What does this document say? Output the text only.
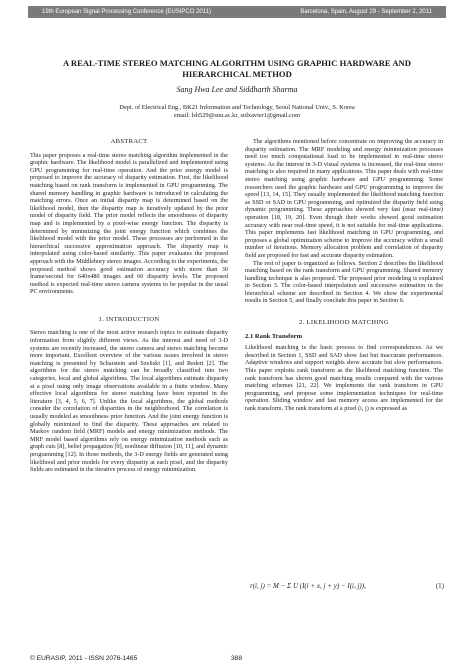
19th European Signal Processing Conference (EUSIPCO 2011)	Barcelona, Spain, August 29 - September 2, 2011
A REAL-TIME STEREO MATCHING ALGORITHM USING GRAPHIC HARDWARE AND HIERARCHICAL METHOD
Sang Hwa Lee and Siddharth Sharma
Dept. of Electrical Eng., BK21 Information and Technology, Seoul National Univ., S. Korea
email: lsh529@snu.ac.kr, sidxavier1@gmail.com
ABSTRACT

This paper proposes a real-time stereo matching algorithm implemented in the graphic hardware. The likelihood model is parallelized and implemented using GPU programming for real-time operation. And the prior energy model is proposed to improve the accuracy of disparity estimation. First, the likelihood matching based on rank transform is implemented in GPU programming. The shared memory handling in graphic hardware is introduced in calculating the matching errors. Once an initial disparity map is determined based on the likelihood model, then the disparity map is iteratively updated by the prior model of disparity field. The prior model reflects the smoothness of disparity map and is implemented by a pixel-wise energy function. The disparity is determined by minimizing the joint energy function which combines the likelihood model with the prior model. These processes are performed in the hierarchical successive approximation approach. The disparity map is interpolated using color-based similarity. This paper evaluates the proposed approach with the Middlebury stereo images. According to the experiments, the proposed method shows good estimation accuracy with more than 30 frame/second for 640x480 images and 60 disparity levels. The proposed method is expected real-time stereo camera systems to be popular in the usual PC environments.

1. INTRODUCTION

Stereo matching is one of the most active research topics to estimate disparity information from slightly different views. As the interest and need of 3-D systems are recently increased, the stereo camera and stereo matching become more important. Excellent overview of the various issues involved in stereo matching is presented by Scharstein and Szeliski [1], and Redert [2]. The algorithms for the stereo matching can be broadly classified into two categories, local and global algorithms. The local algorithms estimate disparity at a pixel using only image observations available in a finite window. Many effective local algorithms for stereo matching have been reported in the literature [3, 4, 5, 6, 7]. Unlike the local algorithms, the global methods consider the correlation of disparities in the neighborhood. The correlation is usually modeled as smoothness prior function. And the joint energy function is globally minimized to find the disparity. These approaches are related to Markov random field (MRF) models and energy minimization methods. The MRF model based algorithms rely on energy minimization methods such as graph cuts [8], belief propagation [9], nonlinear diffusion [10, 11], and dynamic programming [12]. In those methods, the 3-D energy fields are generated using likelihood and prior models for every disparity at each pixel, and the disparity fields are estimated in the iterative process of energy minimization.

The algorithms mentioned before concentrate on improving the accuracy in disparity estimation. The MRF modeling and energy minimization processes need too much computational load to be implemented in real-time stereo systems. As the interest in 3-D visual systems is increased, the real-time stereo matching is also required in many applications. This paper deals with real-time stereo matching using graphic hardware and GPU programming. Some researchers used the graphic hardware and GPU programming to improve the speed [13, 14, 15]. They usually implemented the likelihood matching function as SSD or SAD in GPU programming, and optimized the disparity field using dynamic programming. These approaches showed very fast (near real-time) operation [18, 19, 20]. Even though their works showed good estimation accuracy with near real-time speed, it is not suitable for real-time applications. This paper implements fast likelihood matching in GPU programming, and proposes a global optimization scheme to improve the accuracy within a small number of iterations. Memory allocation problem and correlation of disparity field are proposed for fast and accurate disparity estimation.

The rest of paper is organized as follows. Section 2 describes the likelihood matching based on the rank transform and GPU programming. Shared memory handling technique is also proposed. The proposed prior modeling is explained in Section 3. The color-based interpolation and successive estimation in the hierarchical scheme are described in Section 4. We show the experimental results in Section 5, and finally conclude this paper in Section 6.

2. LIKELIHOOD MATCHING
2.1 Rank Transform

Likelihood matching is the basic process to find correspondences. As we described in Section 1, SSD and SAD show fast but inaccurate performances. Adaptive windows and support weights show accurate but slow performances. This paper exploits rank transform as the likelihood matching function. The rank transform has shown good matching results compared with the various matching schemes [21, 22]. We implements the rank transform in GPU programming, and propose some implementation techniques for real-time operation. Sliding window and fast memory access are implemented for the rank transform. The rank transform at a pixel (i, j) is expressed as

r(i, j) = M − Σ U (I(i + x, j + y) − I(i, j)),	(1)
© EURASIP, 2011 - ISSN 2076-1465	388
